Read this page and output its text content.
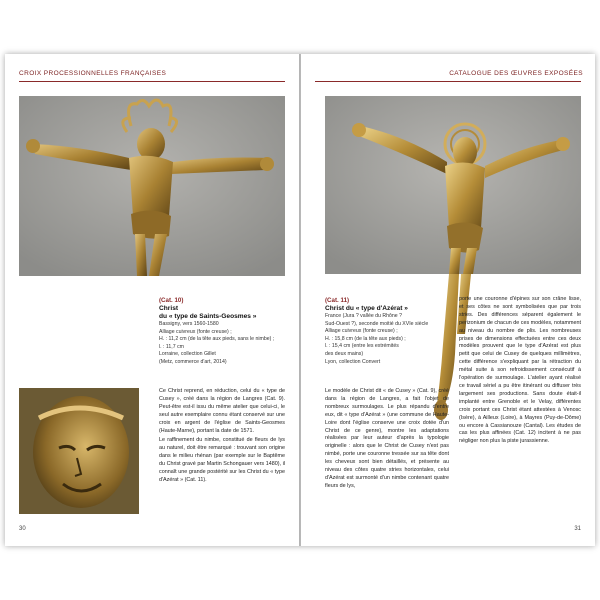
CROIX PROCESSIONNELLES FRANÇAISES
(Cat. 10)
Christ
du « type de Saints-Geosmes »
Bassigny, vers 1560-1580
Alliage cuivreux (fonte creuse) ;
H. : 11,2 cm (de la tête aux pieds, sans le nimbe) ;
l. : 11,7 cm
Lorraine, collection Gillet
(Metz, commerce d'art, 2014)

Ce Christ reprend, en réduction, celui du « type de Cusey », créé dans la région de Langres (Cat. 9). Peut-être est-il issu du même atelier que celui-ci, le seul autre exemplaire connu étant conservé sur une croix en argent de l'église de Saints-Geosmes (Haute-Marne), portant la date de 1571.

Le raffinement du nimbe, constitué de fleurs de lys au naturel, doit être remarqué : trouvant son origine dans le milieu rhénan (par exemple sur le Baptême du Christ gravé par Martin Schongauer vers 1480), il connaît une grande postérité sur les Christ du « type d'Azérat » (Cat. 11).

30
CATALOGUE DES ŒUVRES EXPOSÉES
(Cat. 11)
Christ du « type d'Azérat »
France (Jura ? vallée du Rhône ?
Sud-Ouest ?), seconde moitié du XVIe siècle
Alliage cuivreux (fonte creuse) ;
H. : 15,8 cm (de la tête aux pieds) ;
l. : 15,4 cm (entre les extrémités
des deux mains)
Lyon, collection Convert

Le modèle de Christ dit « de Cusey » (Cat. 9), créé dans la région de Langres, a fait l'objet de nombreux surmoulages. Le plus répandu d'entre eux, dit « type d'Azérat » (une commune de Haute-Loire dont l'église conserve une croix dotée d'un Christ de ce genre), montre les adaptations réalisées par leur auteur d'après la typologie originelle : alors que le Christ de Cusey n'est pas nimbé, porte une couronne tressée sur sa tête dont les cheveux sont bien détaillés, et présente au niveau des côtes quatre stries horizontales, celui d'Azérat est surmonté d'un nimbe contenant quatre fleurs de lys,

porte une couronne d'épines sur son crâne lisse, et ses côtes ne sont symbolisées que par trois stries. Des différences séparent également le perizonium de chacun de ces modèles, notamment au niveau du nombre de plis. Les nombreuses prises de dimensions effectuées entre ces deux modèles prouvent que le type d'Azérat est plus petit que celui de Cusey de quelques millimètres, cette différence s'expliquant par la rétraction du métal suite à son refroidissement consécutif à l'opération de surmoulage. L'atelier ayant réalisé ce travail sériel a pu être itinérant ou diffuser très largement ses productions. Sans doute était-il implanté entre Grenoble et le Velay, différentes croix portant ces Christ étant attestées à Venosc (Isère), à Ailleux (Loire), à Mayres (Puy-de-Dôme) ou encore à Cassianouze (Cantal). Les études de cas les plus affinées (Cat. 12) incitent à ne pas négliger non plus la piste jurassienne.

31
